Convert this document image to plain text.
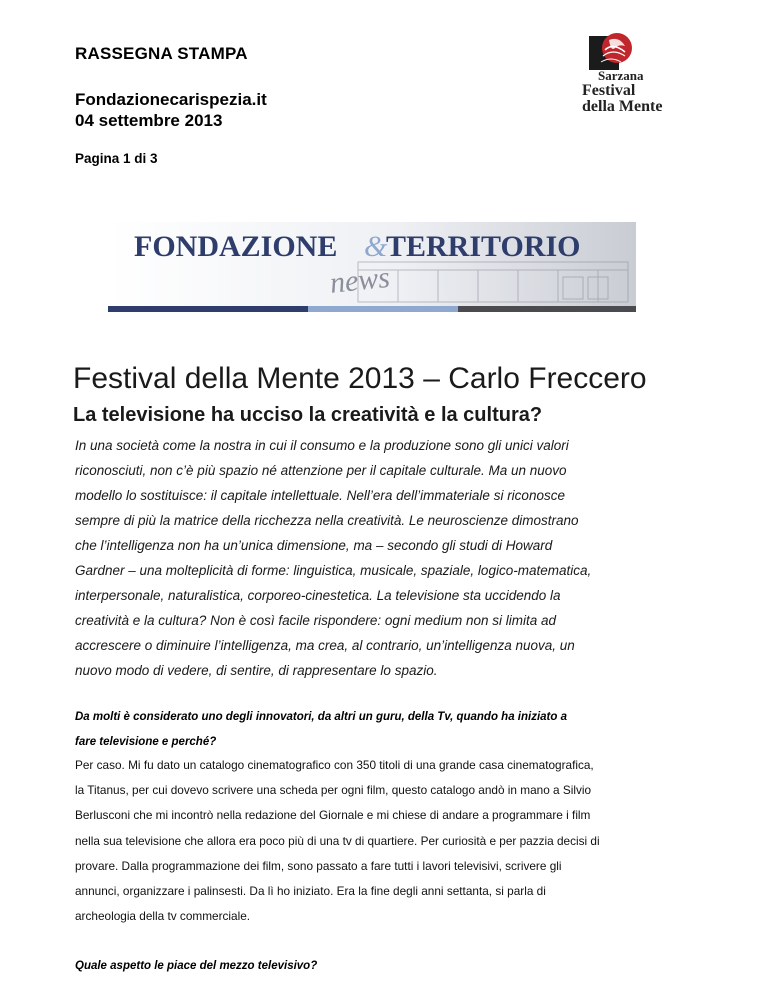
RASSEGNA STAMPA

Fondazionecarispezia.it
04 settembre 2013
Pagina 1 di 3
Sarzana
Festival
della Mente
FONDAZIONE &
TERRITORIO
news
Festival della Mente 2013 – Carlo Freccero
La televisione ha ucciso la creatività e la cultura?
In una società come la nostra in cui il consumo e la produzione sono gli unici valori
riconosciuti, non c’è più spazio né attenzione per il capitale culturale. Ma un nuovo
modello lo sostituisce: il capitale intellettuale. Nell’era dell’immateriale si riconosce
sempre di più la matrice della ricchezza nella creatività. Le neuroscienze dimostrano
che l’intelligenza non ha un’unica dimensione, ma – secondo gli studi di Howard
Gardner – una molteplicità di forme: linguistica, musicale, spaziale, logico-matematica,
interpersonale, naturalistica, corporeo-cinestetica. La televisione sta uccidendo la
creatività e la cultura? Non è così facile rispondere: ogni medium non si limita ad
accrescere o diminuire l’intelligenza, ma crea, al contrario, un’intelligenza nuova, un
nuovo modo di vedere, di sentire, di rappresentare lo spazio.
Da molti è considerato uno degli innovatori, da altri un guru, della Tv, quando ha iniziato a
fare televisione e perché?
Per caso. Mi fu dato un catalogo cinematografico con 350 titoli di una grande casa cinematografica,
la Titanus, per cui dovevo scrivere una scheda per ogni film, questo catalogo andò in mano a Silvio
Berlusconi che mi incontrò nella redazione del Giornale e mi chiese di andare a programmare i film
nella sua televisione che allora era poco più di una tv di quartiere. Per curiosità e per pazzia decisi di
provare. Dalla programmazione dei film, sono passato a fare tutti i lavori televisivi, scrivere gli
annunci, organizzare i palinsesti. Da lì ho iniziato. Era la fine degli anni settanta, si parla di
archeologia della tv commerciale.
Quale aspetto le piace del mezzo televisivo?
